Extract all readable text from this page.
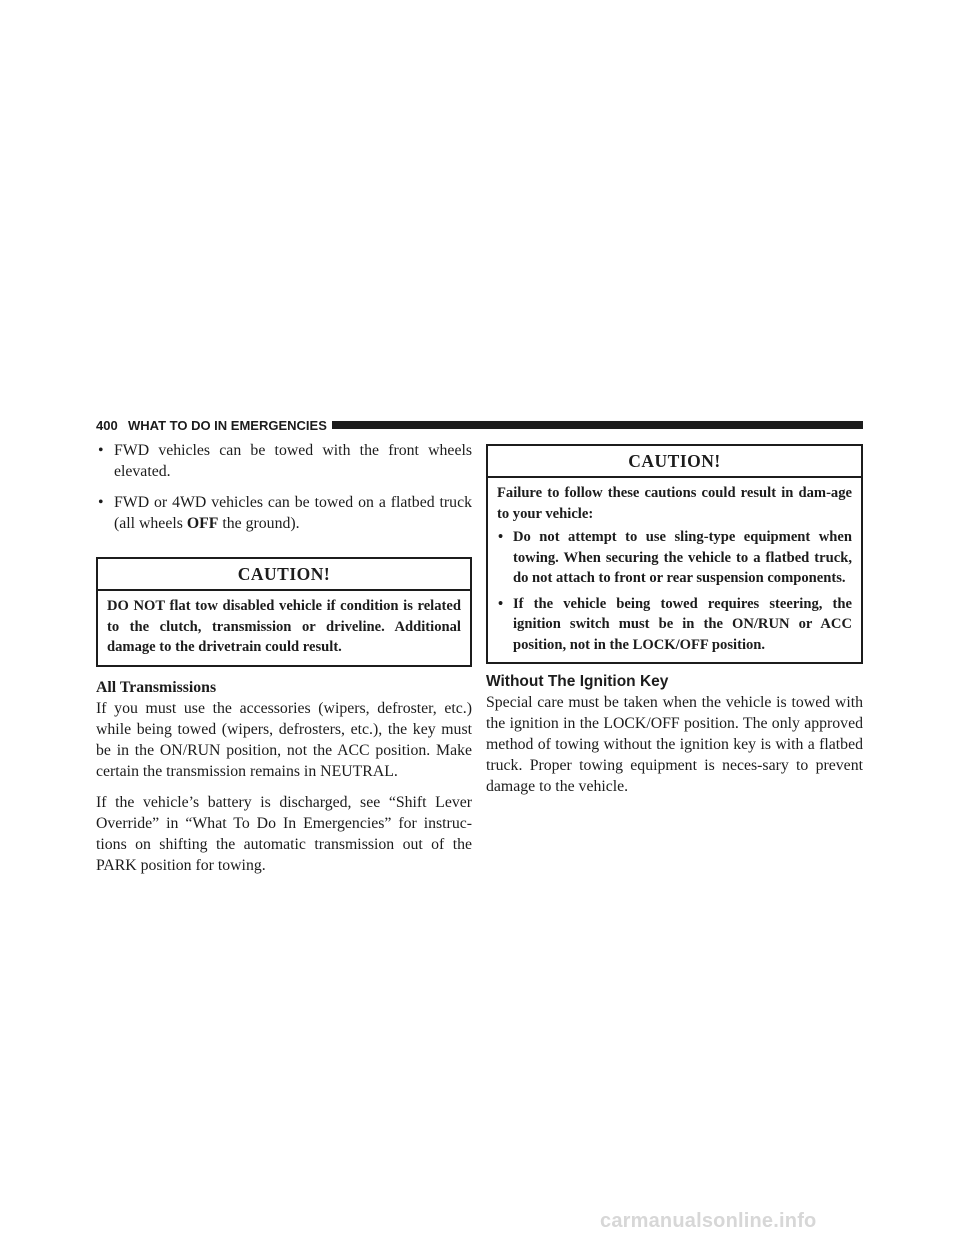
400 WHAT TO DO IN EMERGENCIES
• FWD vehicles can be towed with the front wheels elevated.
• FWD or 4WD vehicles can be towed on a flatbed truck (all wheels OFF the ground).
CAUTION!
DO NOT flat tow disabled vehicle if condition is related to the clutch, transmission or driveline. Additional damage to the drivetrain could result.

All Transmissions

If you must use the accessories (wipers, defroster, etc.) while being towed (wipers, defrosters, etc.), the key must be in the ON/RUN position, not the ACC position. Make certain the transmission remains in NEUTRAL.

If the vehicle’s battery is discharged, see “Shift Lever Override” in “What To Do In Emergencies” for instruc-tions on shifting the automatic transmission out of the PARK position for towing.

CAUTION!
Failure to follow these cautions could result in dam-age to your vehicle:
• Do not attempt to use sling-type equipment when towing. When securing the vehicle to a flatbed truck, do not attach to front or rear suspension components.
• If the vehicle being towed requires steering, the ignition switch must be in the ON/RUN or ACC position, not in the LOCK/OFF position.

Without The Ignition Key

Special care must be taken when the vehicle is towed with the ignition in the LOCK/OFF position. The only approved method of towing without the ignition key is with a flatbed truck. Proper towing equipment is neces-sary to prevent damage to the vehicle.

carmanualsonline.info
